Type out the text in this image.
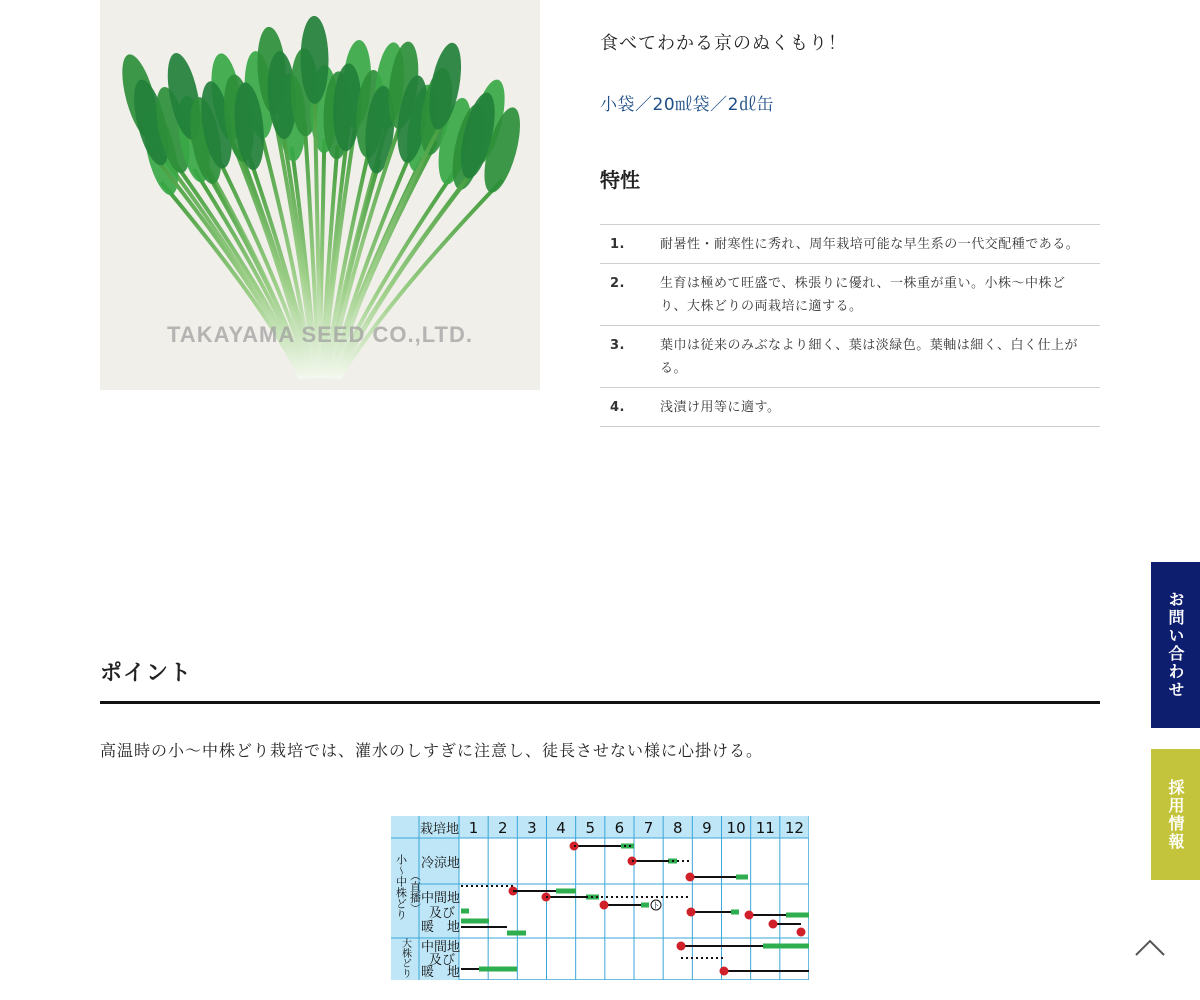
TAKAYAMA SEED CO.,LTD.
食べてわかる京のぬくもり！
小袋／20㎖袋／2㎗缶
特性
1.	耐暑性・耐寒性に秀れ、周年栽培可能な早生系の一代交配種である。
2.	生育は極めて旺盛で、株張りに優れ、一株重が重い。小株～中株どり、大株どりの両栽培に適する。
3.	葉巾は従来のみぶなより細く、葉は淡緑色。葉軸は細く、白く仕上がる。
4.	浅漬け用等に適す。
ポイント
高温時の小～中株どり栽培では、灌水のしすぎに注意し、徒長させない様に心掛ける。
栽培地 1 2 3 4 5 6 7 8 9 10 11 12
小～中株どり （直播）
大株どり
冷涼地
中間地
及び
暖　地
中間地
及び
暖　地
ト
お問い合わせ
採用情報
